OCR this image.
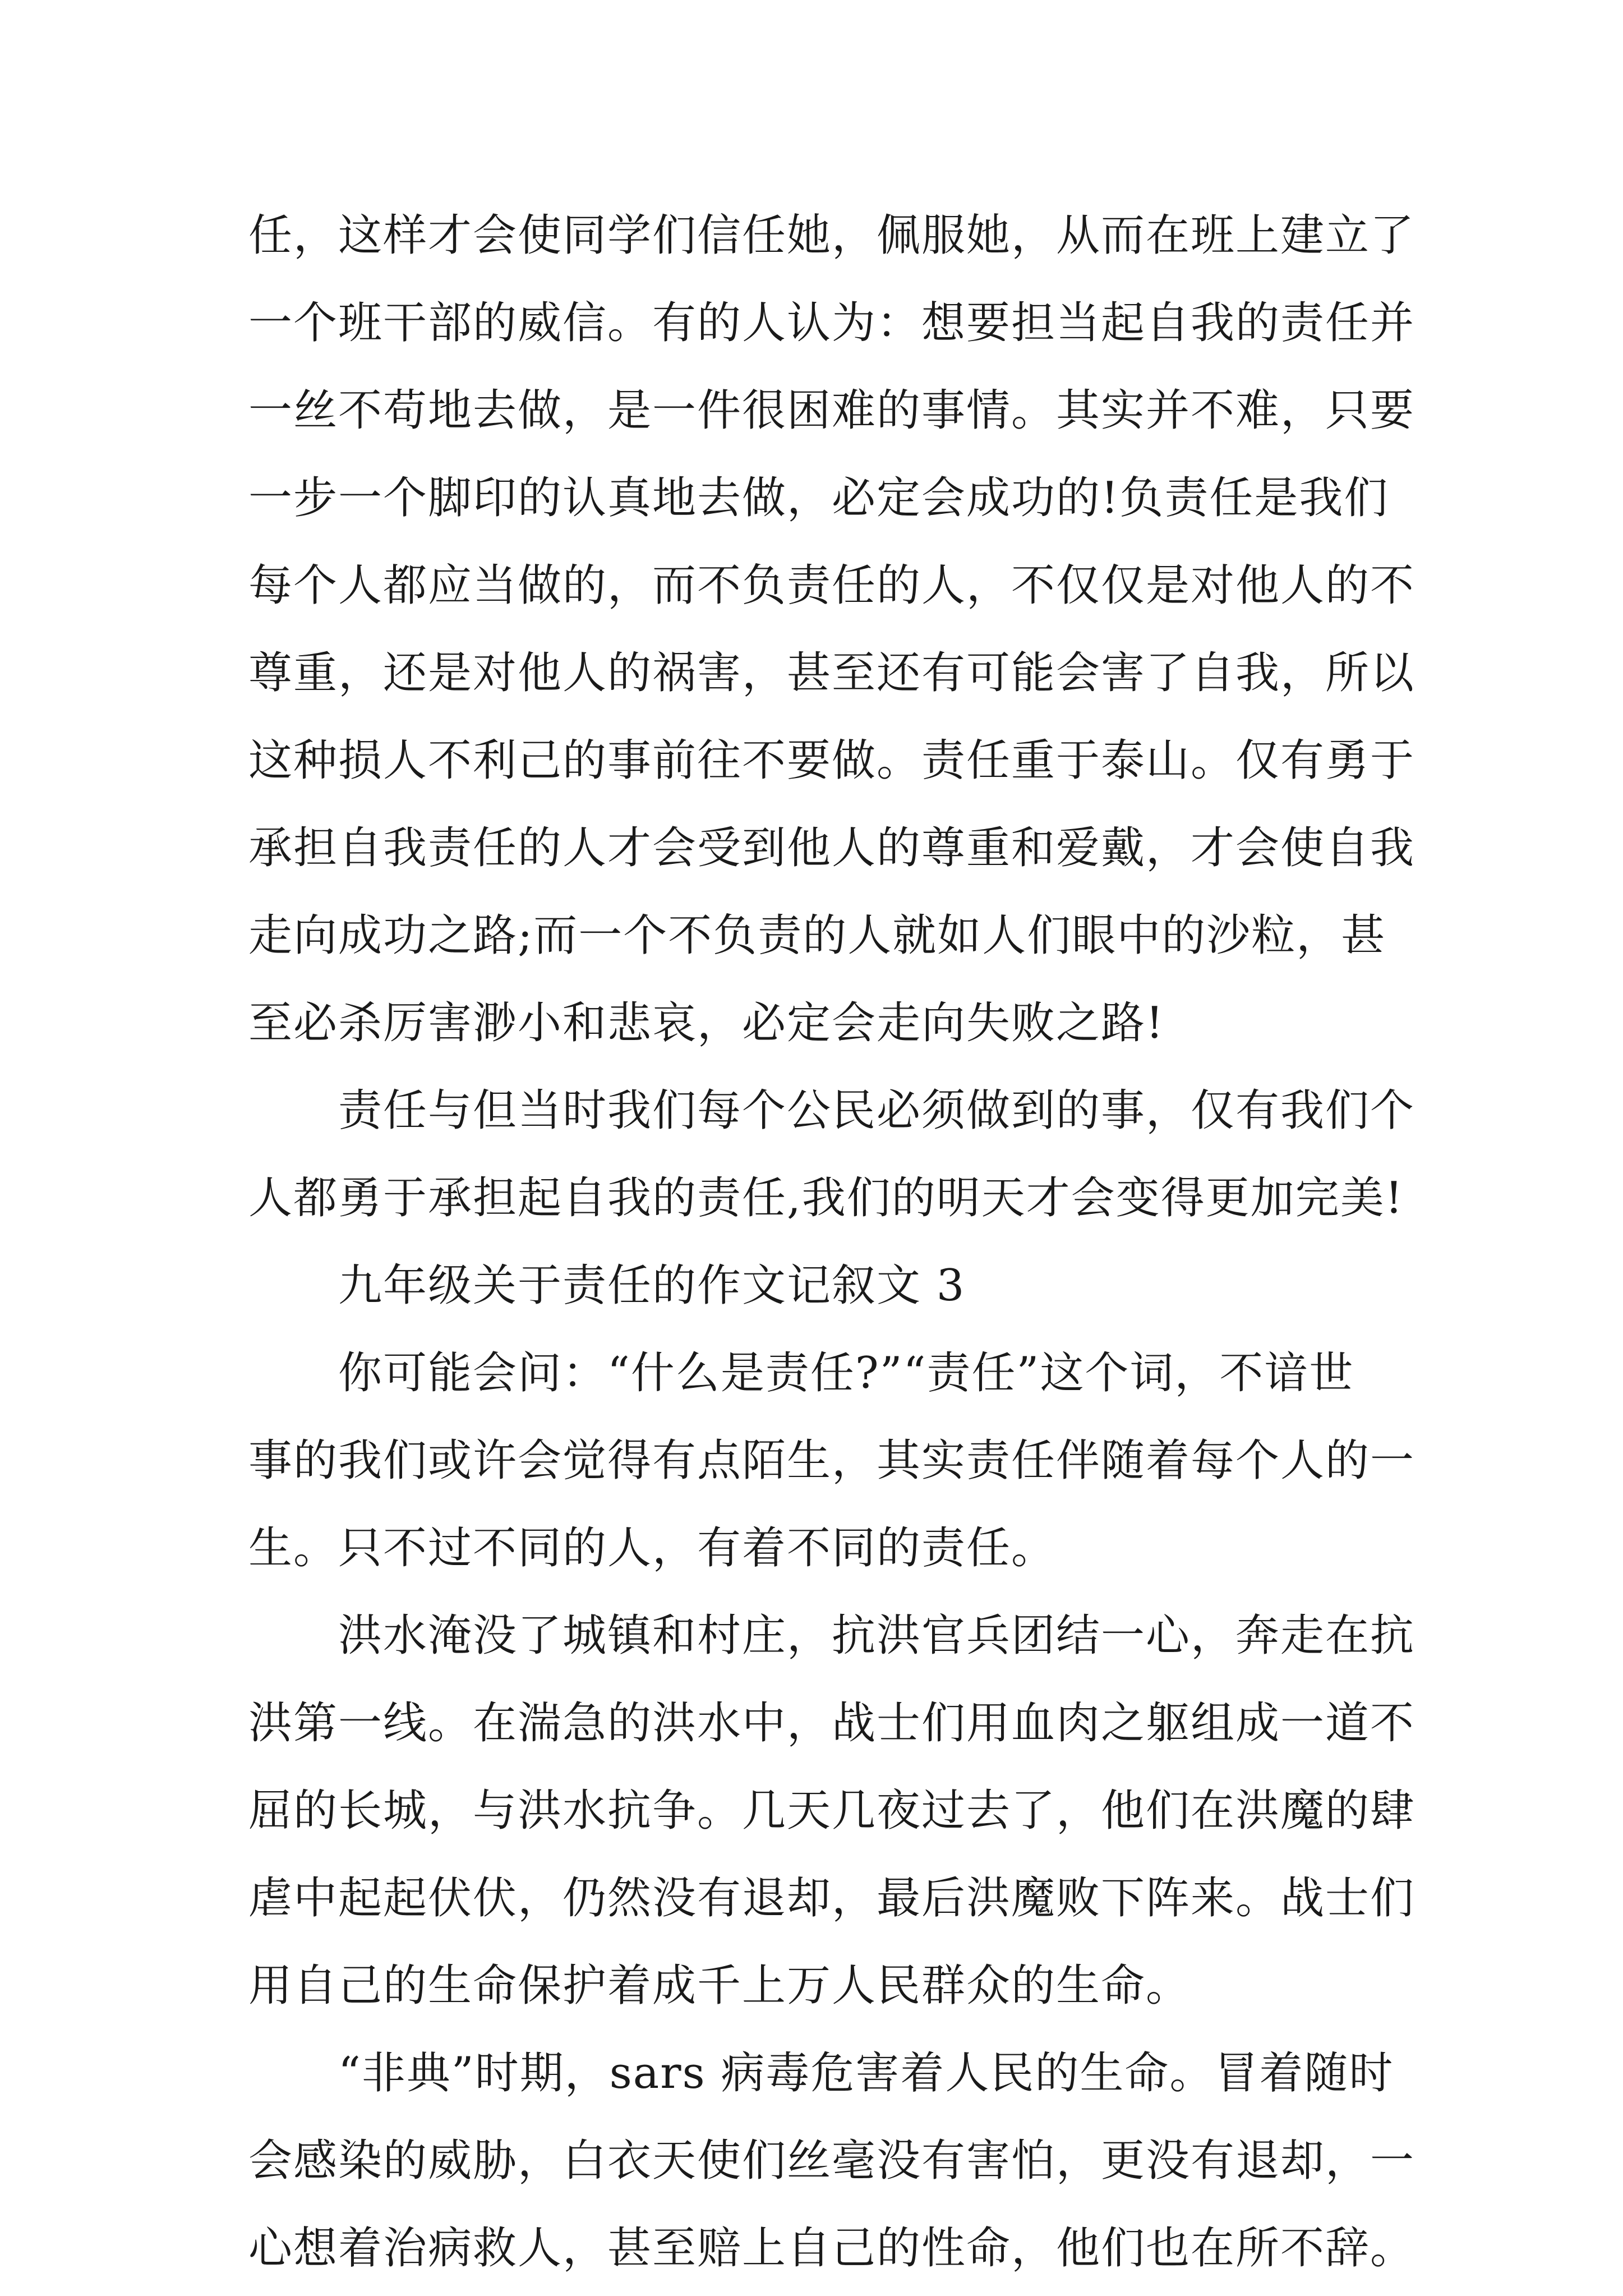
任，这样才会使同学们信任她，佩服她，从而在班上建立了
一个班干部的威信。有的人认为：想要担当起自我的责任并
一丝不苟地去做，是一件很困难的事情。其实并不难，只要
一步一个脚印的认真地去做，必定会成功的!负责任是我们
每个人都应当做的，而不负责任的人，不仅仅是对他人的不
尊重，还是对他人的祸害，甚至还有可能会害了自我，所以
这种损人不利己的事前往不要做。责任重于泰山。仅有勇于
承担自我责任的人才会受到他人的尊重和爱戴，才会使自我
走向成功之路;而一个不负责的人就如人们眼中的沙粒，甚
至必杀厉害渺小和悲哀，必定会走向失败之路!
责任与但当时我们每个公民必须做到的事，仅有我们个
人都勇于承担起自我的责任,我们的明天才会变得更加完美!
九年级关于责任的作文记叙文 3
你可能会问：“什么是责任?”“责任”这个词，不谙世
事的我们或许会觉得有点陌生，其实责任伴随着每个人的一
生。只不过不同的人，有着不同的责任。
洪水淹没了城镇和村庄，抗洪官兵团结一心，奔走在抗
洪第一线。在湍急的洪水中，战士们用血肉之躯组成一道不
屈的长城，与洪水抗争。几天几夜过去了，他们在洪魔的肆
虐中起起伏伏，仍然没有退却，最后洪魔败下阵来。战士们
用自己的生命保护着成千上万人民群众的生命。
“非典”时期，sars 病毒危害着人民的生命。冒着随时
会感染的威胁，白衣天使们丝毫没有害怕，更没有退却，一
心想着治病救人，甚至赔上自己的性命，他们也在所不辞。
